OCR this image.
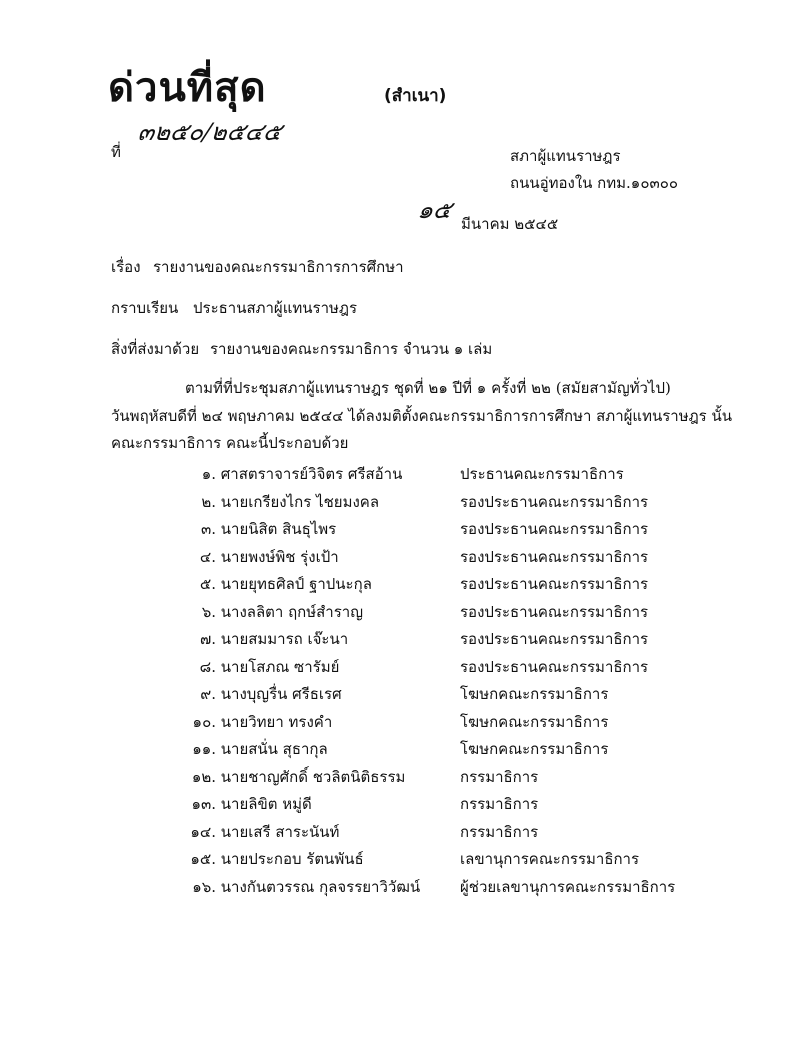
ด่วนที่สุด	(สำเนา)
ที่
๓๒๕๐/๒๕๔๕
สภาผู้แทนราษฎร
ถนนอู่ทองใน กทม.๑๐๓๐๐
๑๕ มีนาคม ๒๕๔๕
เรื่อง รายงานของคณะกรรมาธิการการศึกษา
กราบเรียน ประธานสภาผู้แทนราษฎร
สิ่งที่ส่งมาด้วย รายงานของคณะกรรมาธิการ จำนวน ๑ เล่ม
ตามที่ที่ประชุมสภาผู้แทนราษฎร ชุดที่ ๒๑ ปีที่ ๑ ครั้งที่ ๒๒ (สมัยสามัญทั่วไป)
วันพฤหัสบดีที่ ๒๔ พฤษภาคม ๒๕๔๔ ได้ลงมติตั้งคณะกรรมาธิการการศึกษา สภาผู้แทนราษฎร นั้น
คณะกรรมาธิการ คณะนี้ประกอบด้วย
๑. ศาสตราจารย์วิจิตร ศรีสอ้าน	ประธานคณะกรรมาธิการ
๒. นายเกรียงไกร ไชยมงคล	รองประธานคณะกรรมาธิการ
๓. นายนิสิต สินธุไพร	รองประธานคณะกรรมาธิการ
๔. นายพงษ์พิช รุ่งเป้า	รองประธานคณะกรรมาธิการ
๕. นายยุทธศิลป์ ฐาปนะกุล	รองประธานคณะกรรมาธิการ
๖. นางลลิตา ฤกษ์สำราญ	รองประธานคณะกรรมาธิการ
๗. นายสมมารถ เจ๊ะนา	รองประธานคณะกรรมาธิการ
๘. นายโสภณ ซารัมย์	รองประธานคณะกรรมาธิการ
๙. นางบุญรื่น ศรีธเรศ	โฆษกคณะกรรมาธิการ
๑๐. นายวิทยา ทรงคำ	โฆษกคณะกรรมาธิการ
๑๑. นายสนั่น สุธากุล	โฆษกคณะกรรมาธิการ
๑๒. นายชาญศักดิ์ ชวลิตนิติธรรม	กรรมาธิการ
๑๓. นายลิขิต หมู่ดี	กรรมาธิการ
๑๔. นายเสรี สาระนันท์	กรรมาธิการ
๑๕. นายประกอบ รัตนพันธ์	เลขานุการคณะกรรมาธิการ
๑๖. นางกันตวรรณ กุลจรรยาวิวัฒน์	ผู้ช่วยเลขานุการคณะกรรมาธิการ
